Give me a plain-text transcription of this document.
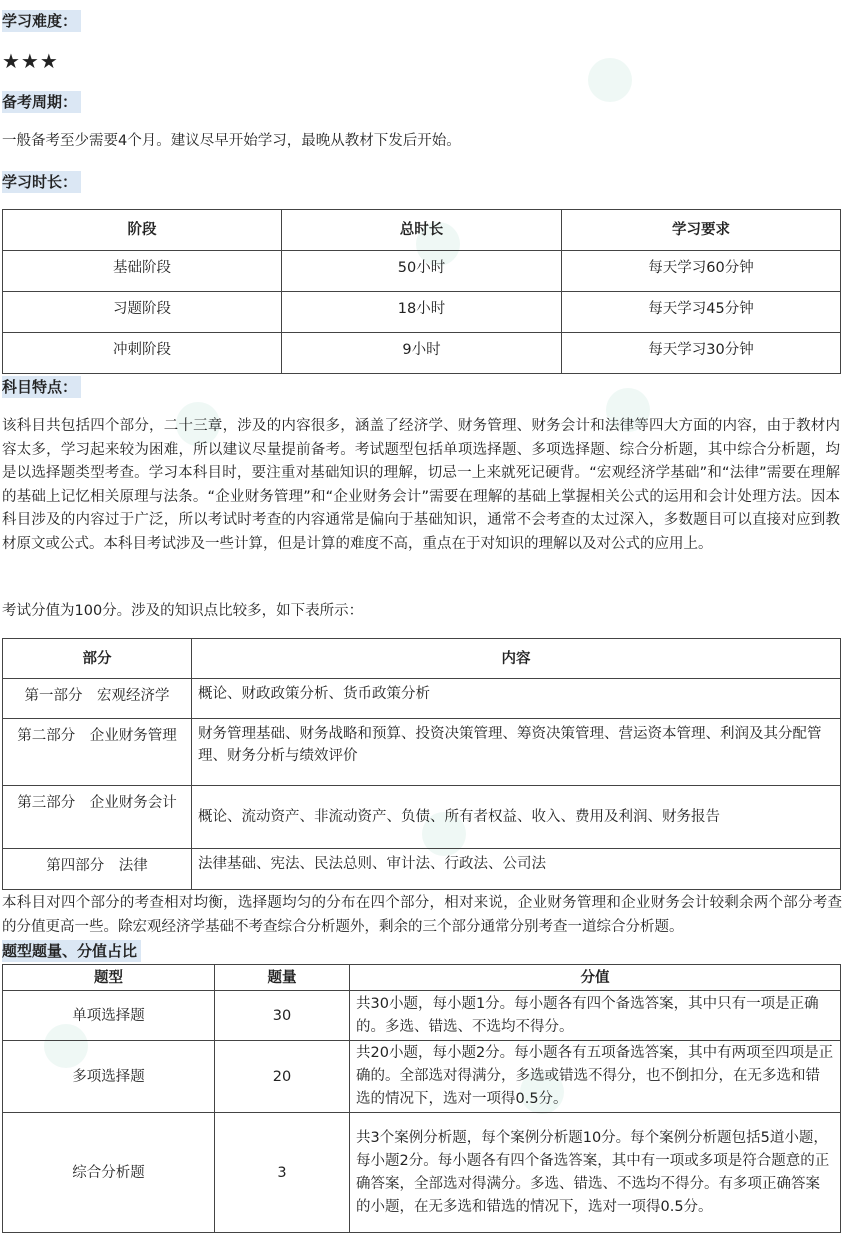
学习难度：
★★★
备考周期：
一般备考至少需要4个月。建议尽早开始学习，最晚从教材下发后开始。
学习时长：
阶段	总时长	学习要求
基础阶段	50小时	每天学习60分钟
习题阶段	18小时	每天学习45分钟
冲刺阶段	9小时	每天学习30分钟
科目特点：
该科目共包括四个部分，二十三章，涉及的内容很多，涵盖了经济学、财务管理、财务会计和法律等四大方面的内容，由于教材内容太多，学习起来较为困难，所以建议尽量提前备考。考试题型包括单项选择题、多项选择题、综合分析题，其中综合分析题，均是以选择题类型考查。学习本科目时，要注重对基础知识的理解，切忌一上来就死记硬背。“宏观经济学基础”和“法律”需要在理解的基础上记忆相关原理与法条。“企业财务管理”和“企业财务会计”需要在理解的基础上掌握相关公式的运用和会计处理方法。因本科目涉及的内容过于广泛，所以考试时考查的内容通常是偏向于基础知识，通常不会考查的太过深入，多数题目可以直接对应到教材原文或公式。本科目考试涉及一些计算，但是计算的难度不高，重点在于对知识的理解以及对公式的应用上。
考试分值为100分。涉及的知识点比较多，如下表所示：
部分	内容
第一部分　宏观经济学	概论、财政政策分析、货币政策分析
第二部分　企业财务管理	财务管理基础、财务战略和预算、投资决策管理、筹资决策管理、营运资本管理、利润及其分配管理、财务分析与绩效评价
第三部分　企业财务会计	概论、流动资产、非流动资产、负债、所有者权益、收入、费用及利润、财务报告
第四部分　法律	法律基础、宪法、民法总则、审计法、行政法、公司法
本科目对四个部分的考查相对均衡，选择题均匀的分布在四个部分，相对来说，企业财务管理和企业财务会计较剩余两个部分考查的分值更高一些。除宏观经济学基础不考查综合分析题外，剩余的三个部分通常分别考查一道综合分析题。
题型题量、分值占比
题型	题量	分值
单项选择题	30	共30小题，每小题1分。每小题各有四个备选答案，其中只有一项是正确的。多选、错选、不选均不得分。
多项选择题	20	共20小题，每小题2分。每小题各有五项备选答案，其中有两项至四项是正确的。全部选对得满分，多选或错选不得分，也不倒扣分，在无多选和错选的情况下，选对一项得0.5分。
综合分析题	3	共3个案例分析题，每个案例分析题10分。每个案例分析题包括5道小题，每小题2分。每小题各有四个备选答案，其中有一项或多项是符合题意的正确答案，全部选对得满分。多选、错选、不选均不得分。有多项正确答案的小题，在无多选和错选的情况下，选对一项得0.5分。
